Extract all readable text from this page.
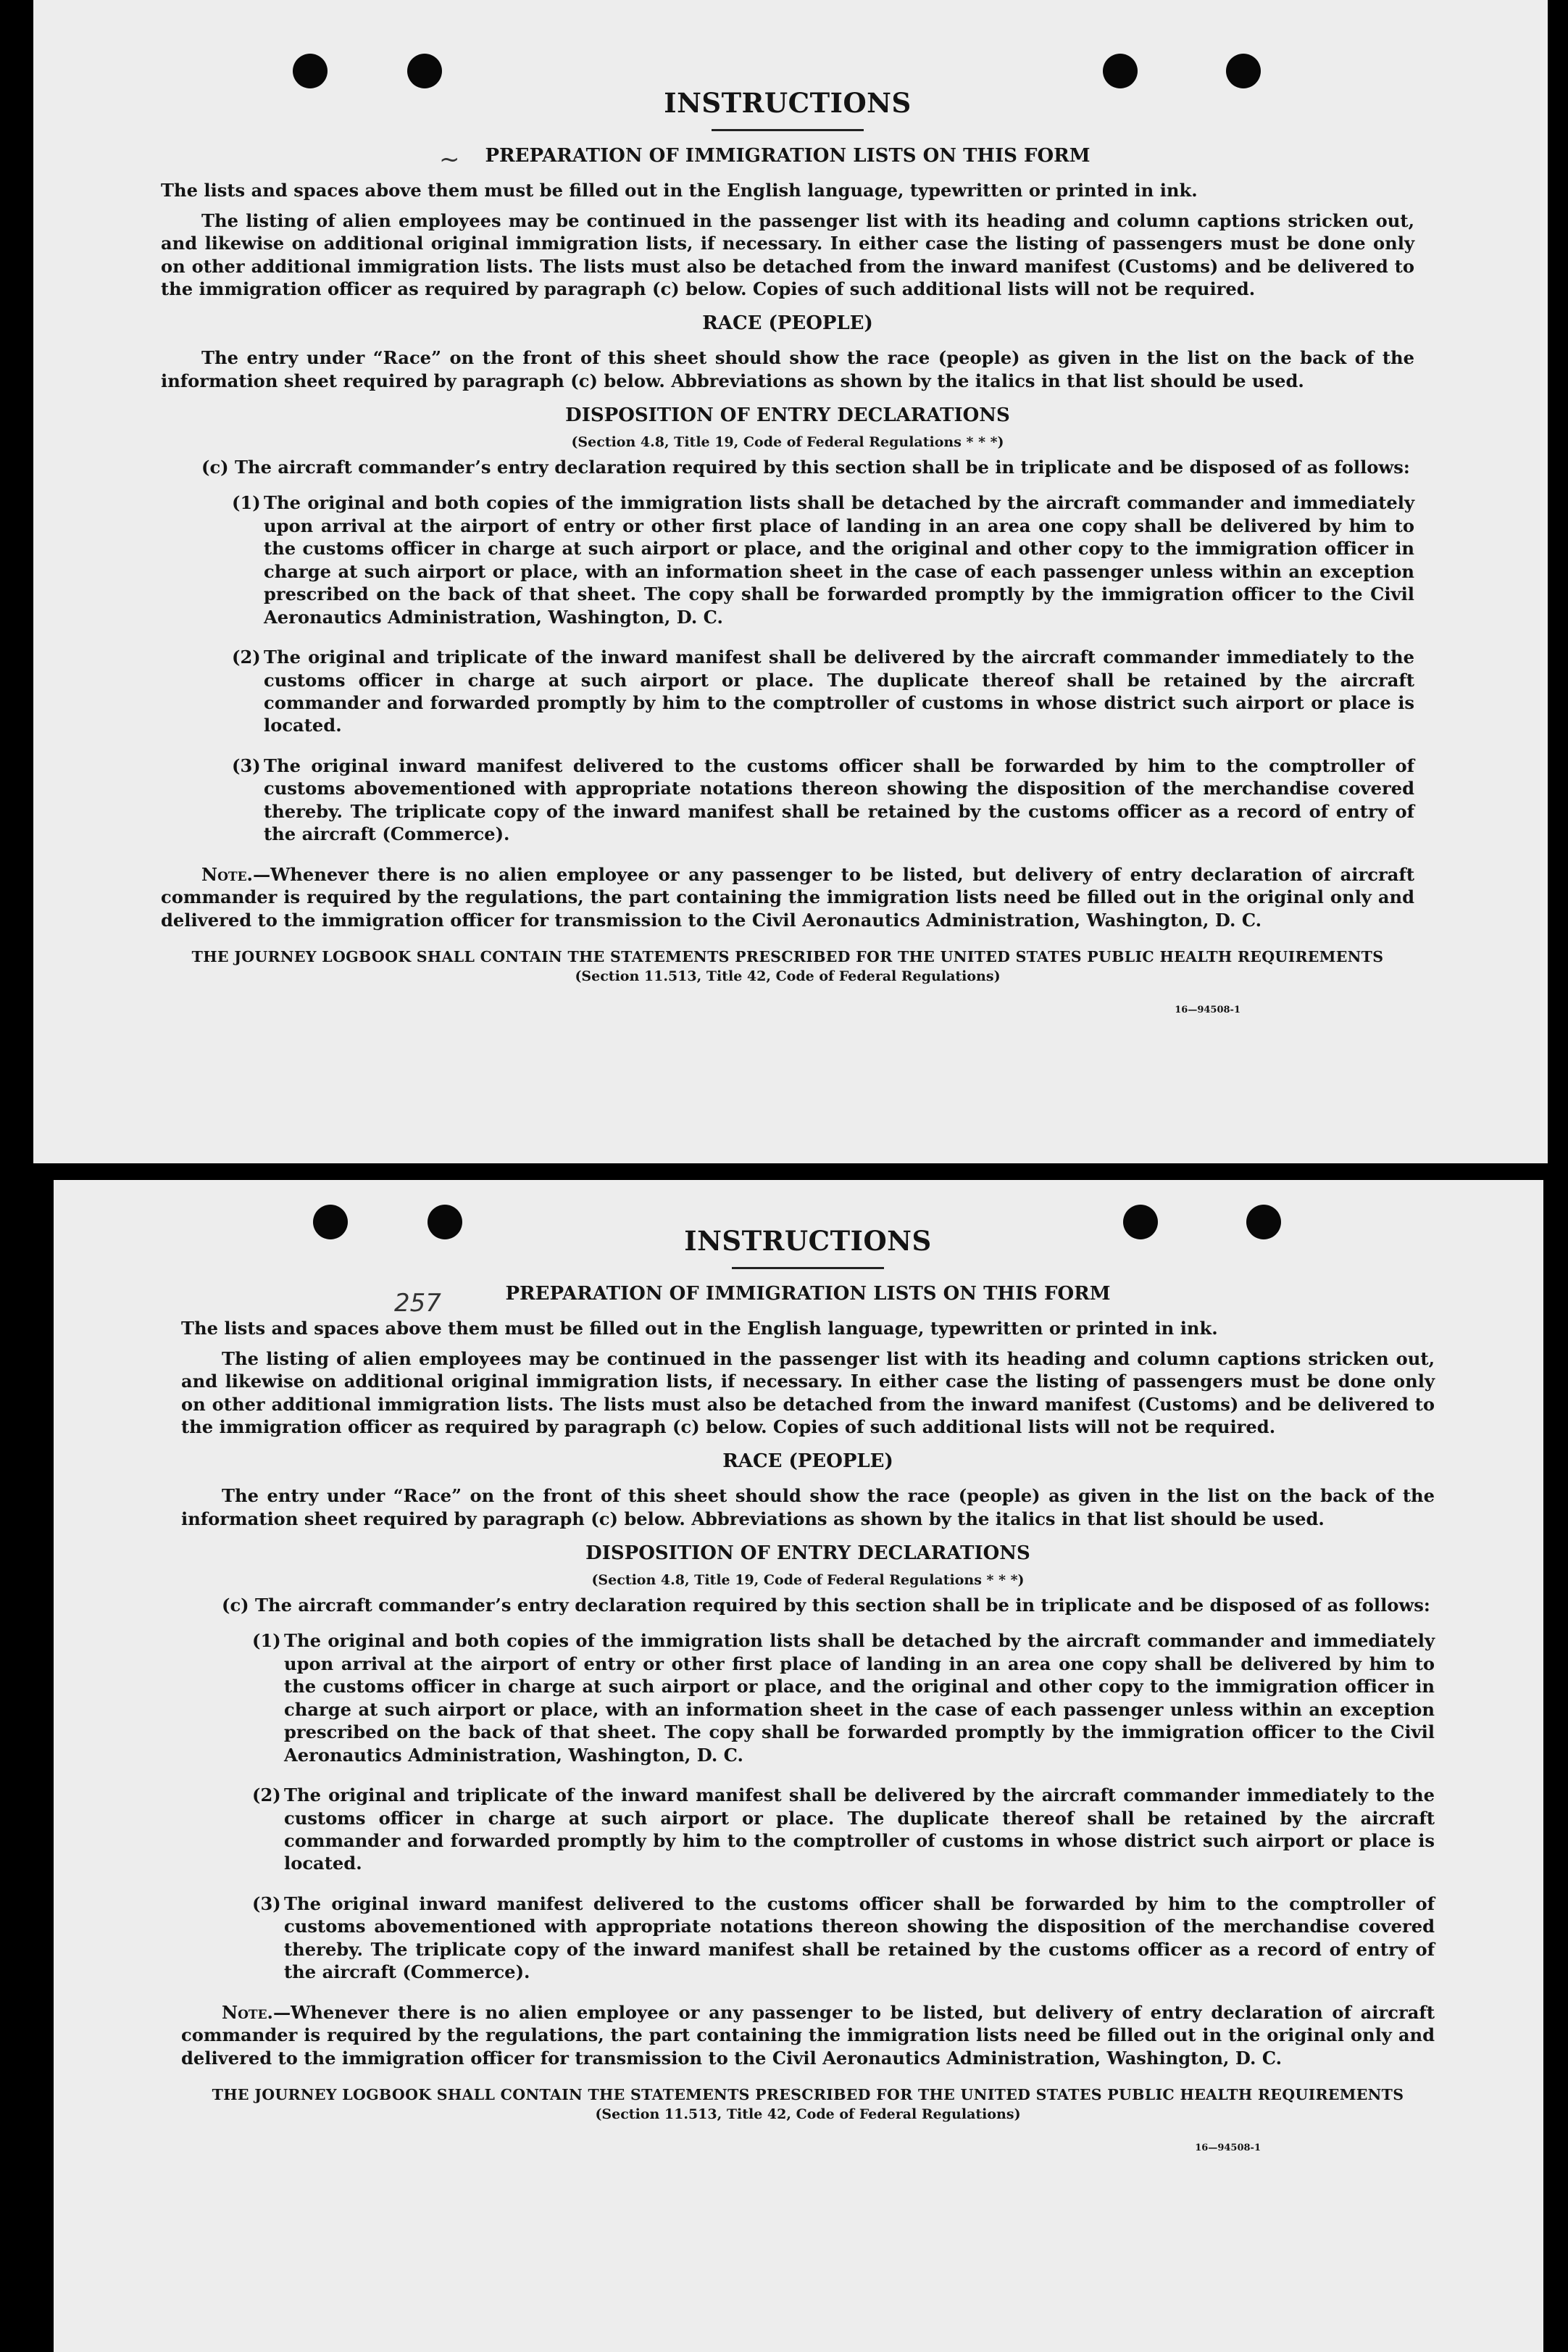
~
INSTRUCTIONS
PREPARATION OF IMMIGRATION LISTS ON THIS FORM

The lists and spaces above them must be filled out in the English language, typewritten or printed in ink.

The listing of alien employees may be continued in the passenger list with its heading and column captions stricken out, and likewise on additional original immigration lists, if necessary. In either case the listing of passengers must be done only on other additional immigration lists. The lists must also be detached from the inward manifest (Customs) and be delivered to the immigration officer as required by paragraph (c) below. Copies of such additional lists will not be required.

RACE (PEOPLE)

The entry under “Race” on the front of this sheet should show the race (people) as given in the list on the back of the information sheet required by paragraph (c) below. Abbreviations as shown by the italics in that list should be used.

DISPOSITION OF ENTRY DECLARATIONS

(Section 4.8, Title 19, Code of Federal Regulations * * *)

(c) The aircraft commander’s entry declaration required by this section shall be in triplicate and be disposed of as follows:

(1) The original and both copies of the immigration lists shall be detached by the aircraft commander and immediately upon arrival at the airport of entry or other first place of landing in an area one copy shall be delivered by him to the customs officer in charge at such airport or place, and the original and other copy to the immigration officer in charge at such airport or place, with an information sheet in the case of each passenger unless within an exception prescribed on the back of that sheet. The copy shall be forwarded promptly by the immigration officer to the Civil Aeronautics Administration, Washington, D. C.
(2) The original and triplicate of the inward manifest shall be delivered by the aircraft commander immediately to the customs officer in charge at such airport or place. The duplicate thereof shall be retained by the aircraft commander and forwarded promptly by him to the comptroller of customs in whose district such airport or place is located.
(3) The original inward manifest delivered to the customs officer shall be forwarded by him to the comptroller of customs abovementioned with appropriate notations thereon showing the disposition of the merchandise covered thereby. The triplicate copy of the inward manifest shall be retained by the customs officer as a record of entry of the aircraft (Commerce).

Note.—Whenever there is no alien employee or any passenger to be listed, but delivery of entry declaration of aircraft commander is required by the regulations, the part containing the immigration lists need be filled out in the original only and delivered to the immigration officer for transmission to the Civil Aeronautics Administration, Washington, D. C.

THE JOURNEY LOGBOOK SHALL CONTAIN THE STATEMENTS PRESCRIBED FOR THE UNITED STATES PUBLIC HEALTH REQUIREMENTS

(Section 11.513, Title 42, Code of Federal Regulations)

16—94508-1

257
INSTRUCTIONS
PREPARATION OF IMMIGRATION LISTS ON THIS FORM

The lists and spaces above them must be filled out in the English language, typewritten or printed in ink.

The listing of alien employees may be continued in the passenger list with its heading and column captions stricken out, and likewise on additional original immigration lists, if necessary. In either case the listing of passengers must be done only on other additional immigration lists. The lists must also be detached from the inward manifest (Customs) and be delivered to the immigration officer as required by paragraph (c) below. Copies of such additional lists will not be required.

RACE (PEOPLE)

The entry under “Race” on the front of this sheet should show the race (people) as given in the list on the back of the information sheet required by paragraph (c) below. Abbreviations as shown by the italics in that list should be used.

DISPOSITION OF ENTRY DECLARATIONS

(Section 4.8, Title 19, Code of Federal Regulations * * *)

(c) The aircraft commander’s entry declaration required by this section shall be in triplicate and be disposed of as follows:

(1) The original and both copies of the immigration lists shall be detached by the aircraft commander and immediately upon arrival at the airport of entry or other first place of landing in an area one copy shall be delivered by him to the customs officer in charge at such airport or place, and the original and other copy to the immigration officer in charge at such airport or place, with an information sheet in the case of each passenger unless within an exception prescribed on the back of that sheet. The copy shall be forwarded promptly by the immigration officer to the Civil Aeronautics Administration, Washington, D. C.
(2) The original and triplicate of the inward manifest shall be delivered by the aircraft commander immediately to the customs officer in charge at such airport or place. The duplicate thereof shall be retained by the aircraft commander and forwarded promptly by him to the comptroller of customs in whose district such airport or place is located.
(3) The original inward manifest delivered to the customs officer shall be forwarded by him to the comptroller of customs abovementioned with appropriate notations thereon showing the disposition of the merchandise covered thereby. The triplicate copy of the inward manifest shall be retained by the customs officer as a record of entry of the aircraft (Commerce).

Note.—Whenever there is no alien employee or any passenger to be listed, but delivery of entry declaration of aircraft commander is required by the regulations, the part containing the immigration lists need be filled out in the original only and delivered to the immigration officer for transmission to the Civil Aeronautics Administration, Washington, D. C.

THE JOURNEY LOGBOOK SHALL CONTAIN THE STATEMENTS PRESCRIBED FOR THE UNITED STATES PUBLIC HEALTH REQUIREMENTS

(Section 11.513, Title 42, Code of Federal Regulations)

16—94508-1
